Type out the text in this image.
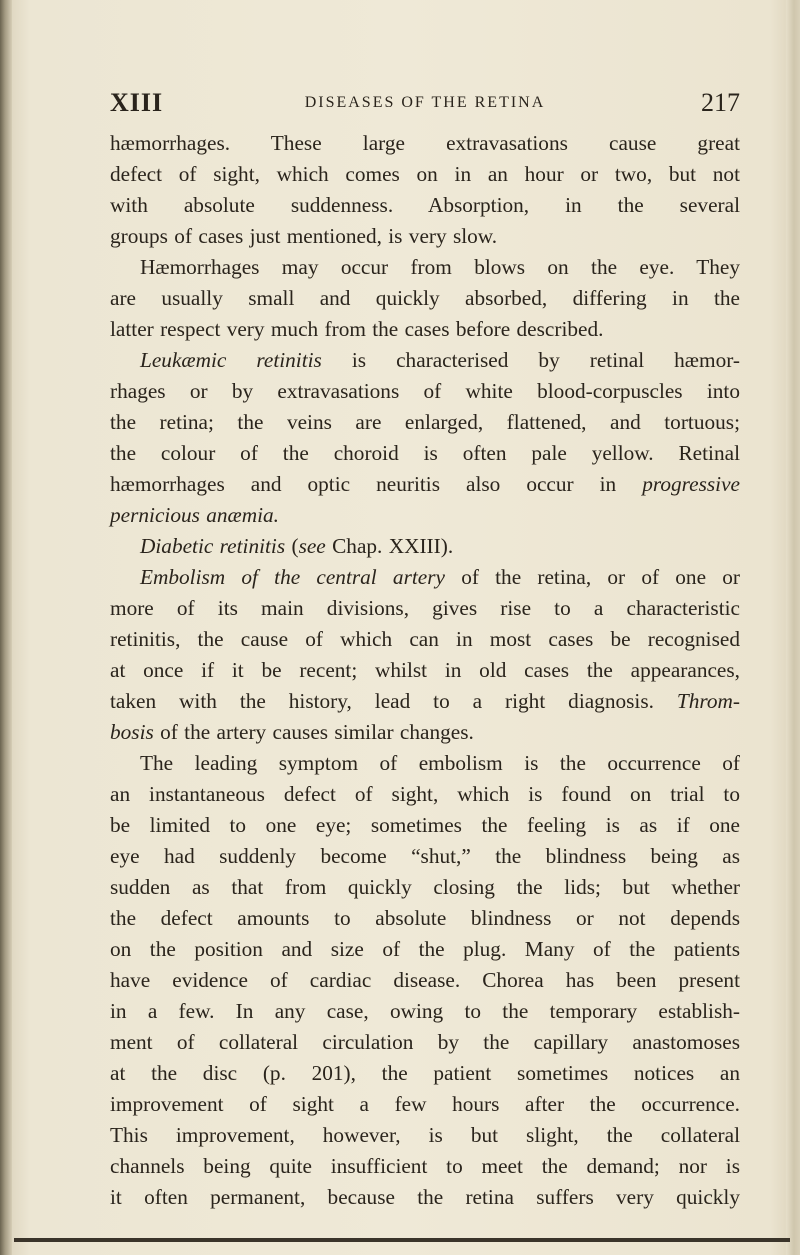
XIII	DISEASES OF THE RETINA	217
hæmorrhages. These large extravasations cause great
defect of sight, which comes on in an hour or two, but not
with absolute suddenness. Absorption, in the several
groups of cases just mentioned, is very slow.
Hæmorrhages may occur from blows on the eye. They
are usually small and quickly absorbed, differing in the
latter respect very much from the cases before described.
Leukæmic retinitis is characterised by retinal hæmor-
rhages or by extravasations of white blood-corpuscles into
the retina; the veins are enlarged, flattened, and tortuous;
the colour of the choroid is often pale yellow. Retinal
hæmorrhages and optic neuritis also occur in progressive
pernicious anæmia.
Diabetic retinitis (see Chap. XXIII).
Embolism of the central artery of the retina, or of one or
more of its main divisions, gives rise to a characteristic
retinitis, the cause of which can in most cases be recognised
at once if it be recent; whilst in old cases the appearances,
taken with the history, lead to a right diagnosis. Throm-
bosis of the artery causes similar changes.
The leading symptom of embolism is the occurrence of
an instantaneous defect of sight, which is found on trial to
be limited to one eye; sometimes the feeling is as if one
eye had suddenly become “shut,” the blindness being as
sudden as that from quickly closing the lids; but whether
the defect amounts to absolute blindness or not depends
on the position and size of the plug. Many of the patients
have evidence of cardiac disease. Chorea has been present
in a few. In any case, owing to the temporary establish-
ment of collateral circulation by the capillary anastomoses
at the disc (p. 201), the patient sometimes notices an
improvement of sight a few hours after the occurrence.
This improvement, however, is but slight, the collateral
channels being quite insufficient to meet the demand; nor is
it often permanent, because the retina suffers very quickly
